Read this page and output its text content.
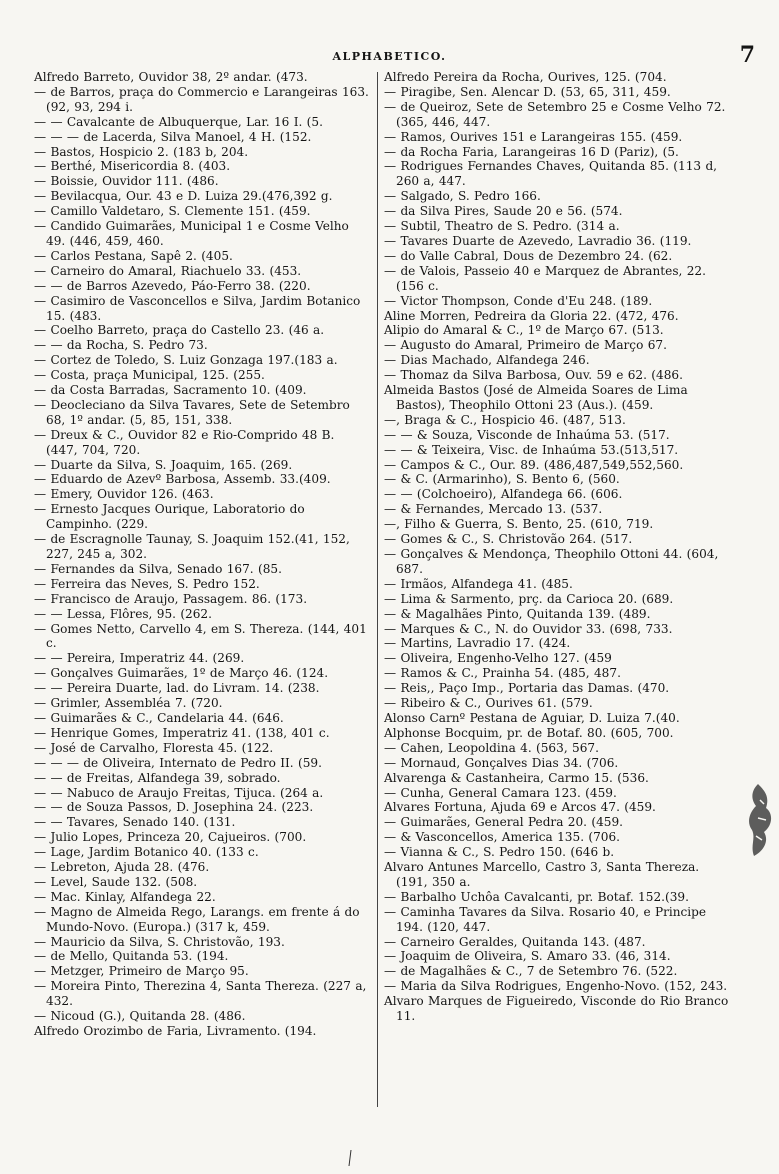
ALPHABETICO.	7
Alfredo Barreto, Ouvidor 38, 2º andar. (473.
— de Barros, praça do Commercio e Larangeiras 163. (92, 93, 294 i.
— — Cavalcante de Albuquerque, Lar. 16 I. (5.
— — — de Lacerda, Silva Manoel, 4 H. (152.
— Bastos, Hospicio 2. (183 b, 204.
— Berthé, Misericordia 8. (403.
— Boissie, Ouvidor 111. (486.
— Bevilacqua, Our. 43 e D. Luiza 29.(476,392 g.
— Camillo Valdetaro, S. Clemente 151. (459.
— Candido Guimarães, Municipal 1 e Cosme Velho 49. (446, 459, 460.
— Carlos Pestana, Sapê 2. (405.
— Carneiro do Amaral, Riachuelo 33. (453.
— — de Barros Azevedo, Páo-Ferro 38. (220.
— Casimiro de Vasconcellos e Silva, Jardim Botanico 15. (483.
— Coelho Barreto, praça do Castello 23. (46 a.
— — da Rocha, S. Pedro 73.
— Cortez de Toledo, S. Luiz Gonzaga 197.(183 a.
— Costa, praça Municipal, 125. (255.
— da Costa Barradas, Sacramento 10. (409.
— Deocleciano da Silva Tavares, Sete de Setembro 68, 1º andar. (5, 85, 151, 338.
— Dreux & C., Ouvidor 82 e Rio-Comprido 48 B. (447, 704, 720.
— Duarte da Silva, S. Joaquim, 165. (269.
— Eduardo de Azevº Barbosa, Assemb. 33.(409.
— Emery, Ouvidor 126. (463.
— Ernesto Jacques Ourique, Laboratorio do Campinho. (229.
— de Escragnolle Taunay, S. Joaquim 152.(41, 152, 227, 245 a, 302.
— Fernandes da Silva, Senado 167. (85.
— Ferreira das Neves, S. Pedro 152.
— Francisco de Araujo, Passagem. 86. (173.
— — Lessa, Flôres, 95. (262.
— Gomes Netto, Carvello 4, em S. Thereza. (144, 401 c.
— — Pereira, Imperatriz 44. (269.
— Gonçalves Guimarães, 1º de Março 46. (124.
— — Pereira Duarte, lad. do Livram. 14. (238.
— Grimler, Assembléa 7. (720.
— Guimarães & C., Candelaria 44. (646.
— Henrique Gomes, Imperatriz 41. (138, 401 c.
— José de Carvalho, Floresta 45. (122.
— — — de Oliveira, Internato de Pedro II. (59.
— — de Freitas, Alfandega 39, sobrado.
— — Nabuco de Araujo Freitas, Tijuca. (264 a.
— — de Souza Passos, D. Josephina 24. (223.
— — Tavares, Senado 140. (131.
— Julio Lopes, Princeza 20, Cajueiros. (700.
— Lage, Jardim Botanico 40. (133 c.
— Lebreton, Ajuda 28. (476.
— Level, Saude 132. (508.
— Mac. Kinlay, Alfandega 22.
— Magno de Almeida Rego, Larangs. em frente á do Mundo-Novo. (Europa.) (317 k, 459.
— Mauricio da Silva, S. Christovão, 193.
— de Mello, Quitanda 53. (194.
— Metzger, Primeiro de Março 95.
— Moreira Pinto, Therezina 4, Santa Thereza. (227 a, 432.
— Nicoud (G.), Quitanda 28. (486.
Alfredo Orozimbo de Faria, Livramento. (194.
Alfredo Pereira da Rocha, Ourives, 125. (704.
— Piragibe, Sen. Alencar D. (53, 65, 311, 459.
— de Queiroz, Sete de Setembro 25 e Cosme Velho 72. (365, 446, 447.
— Ramos, Ourives 151 e Larangeiras 155. (459.
— da Rocha Faria, Larangeiras 16 D (Pariz), (5.
— Rodrigues Fernandes Chaves, Quitanda 85. (113 d, 260 a, 447.
— Salgado, S. Pedro 166.
— da Silva Pires, Saude 20 e 56. (574.
— Subtil, Theatro de S. Pedro. (314 a.
— Tavares Duarte de Azevedo, Lavradio 36. (119.
— do Valle Cabral, Dous de Dezembro 24. (62.
— de Valois, Passeio 40 e Marquez de Abrantes, 22. (156 c.
— Victor Thompson, Conde d'Eu 248. (189.
Aline Morren, Pedreira da Gloria 22. (472, 476.
Alipio do Amaral & C., 1º de Março 67. (513.
— Augusto do Amaral, Primeiro de Março 67.
— Dias Machado, Alfandega 246.
— Thomaz da Silva Barbosa, Ouv. 59 e 62. (486.
Almeida Bastos (José de Almeida Soares de Lima Bastos), Theophilo Ottoni 23 (Aus.). (459.
—, Braga & C., Hospicio 46. (487, 513.
— — & Souza, Visconde de Inhaúma 53. (517.
— — & Teixeira, Visc. de Inhaúma 53.(513,517.
— Campos & C., Our. 89. (486,487,549,552,560.
— & C. (Armarinho), S. Bento 6, (560.
— — (Colchoeiro), Alfandega 66. (606.
— & Fernandes, Mercado 13. (537.
—, Filho & Guerra, S. Bento, 25. (610, 719.
— Gomes & C., S. Christovão 264. (517.
— Gonçalves & Mendonça, Theophilo Ottoni 44. (604, 687.
— Irmãos, Alfandega 41. (485.
— Lima & Sarmento, prç. da Carioca 20. (689.
— & Magalhães Pinto, Quitanda 139. (489.
— Marques & C., N. do Ouvidor 33. (698, 733.
— Martins, Lavradio 17. (424.
— Oliveira, Engenho-Velho 127. (459
— Ramos & C., Prainha 54. (485, 487.
— Reis,, Paço Imp., Portaria das Damas. (470.
— Ribeiro & C., Ourives 61. (579.
Alonso Carnº Pestana de Aguiar, D. Luiza 7.(40.
Alphonse Bocquim, pr. de Botaf. 80. (605, 700.
— Cahen, Leopoldina 4. (563, 567.
— Mornaud, Gonçalves Dias 34. (706.
Alvarenga & Castanheira, Carmo 15. (536.
— Cunha, General Camara 123. (459.
Alvares Fortuna, Ajuda 69 e Arcos 47. (459.
— Guimarães, General Pedra 20. (459.
— & Vasconcellos, America 135. (706.
— Vianna & C., S. Pedro 150. (646 b.
Alvaro Antunes Marcello, Castro 3, Santa Thereza. (191, 350 a.
— Barbalho Uchôa Cavalcanti, pr. Botaf. 152.(39.
— Caminha Tavares da Silva. Rosario 40, e Principe 194. (120, 447.
— Carneiro Geraldes, Quitanda 143. (487.
— Joaquim de Oliveira, S. Amaro 33. (46, 314.
— de Magalhães & C., 7 de Setembro 76. (522.
— Maria da Silva Rodrigues, Engenho-Novo. (152, 243.
Alvaro Marques de Figueiredo, Visconde do Rio Branco 11.
